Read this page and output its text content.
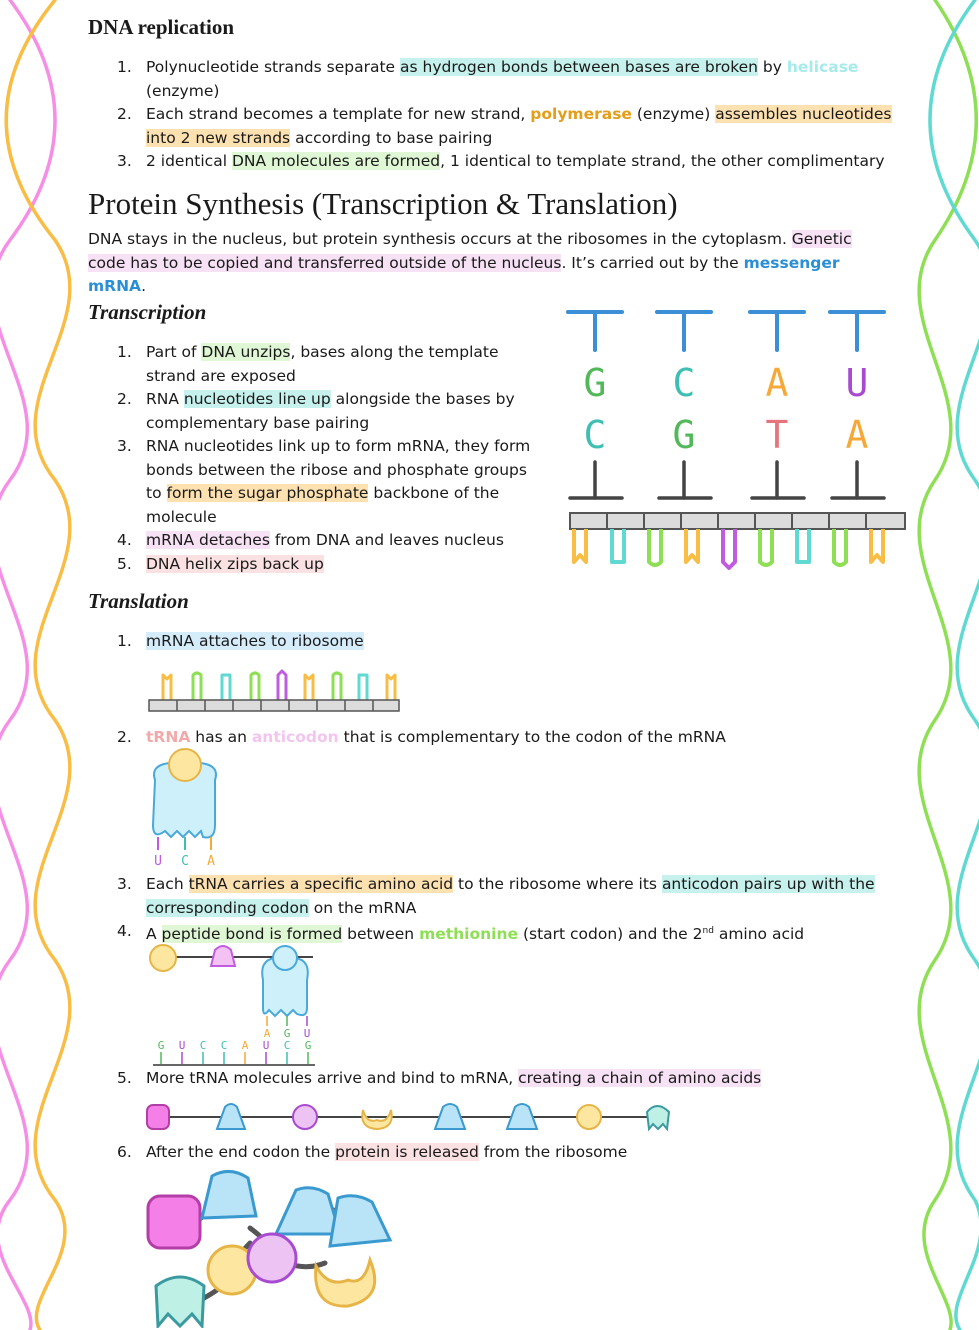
DNA replication
1. Polynucleotide strands separate as hydrogen bonds between bases are broken by helicase (enzyme)
2. Each strand becomes a template for new strand, polymerase (enzyme) assembles nucleotides into 2 new strands according to base pairing
3. 2 identical DNA molecules are formed, 1 identical to template strand, the other complimentary
Protein Synthesis (Transcription & Translation)
DNA stays in the nucleus, but protein synthesis occurs at the ribosomes in the cytoplasm. Genetic code has to be copied and transferred outside of the nucleus. It’s carried out by the messenger mRNA.
Transcription
1. Part of DNA unzips, bases along the template strand are exposed
2. RNA nucleotides line up alongside the bases by complementary base pairing
3. RNA nucleotides link up to form mRNA, they form bonds between the ribose and phosphate groups to form the sugar phosphate backbone of the molecule
4. mRNA detaches from DNA and leaves nucleus
5. DNA helix zips back up
G C A U
C G T A
Translation
1. mRNA attaches to ribosome
2. tRNA has an anticodon that is complementary to the codon of the mRNA
U C A
3. Each tRNA carries a specific amino acid to the ribosome where its anticodon pairs up with the corresponding codon on the mRNA
4. A peptide bond is formed between methionine (start codon) and the 2nd amino acid
A G U
G U C C A U C G
5. More tRNA molecules arrive and bind to mRNA, creating a chain of amino acids
6. After the end codon the protein is released from the ribosome
